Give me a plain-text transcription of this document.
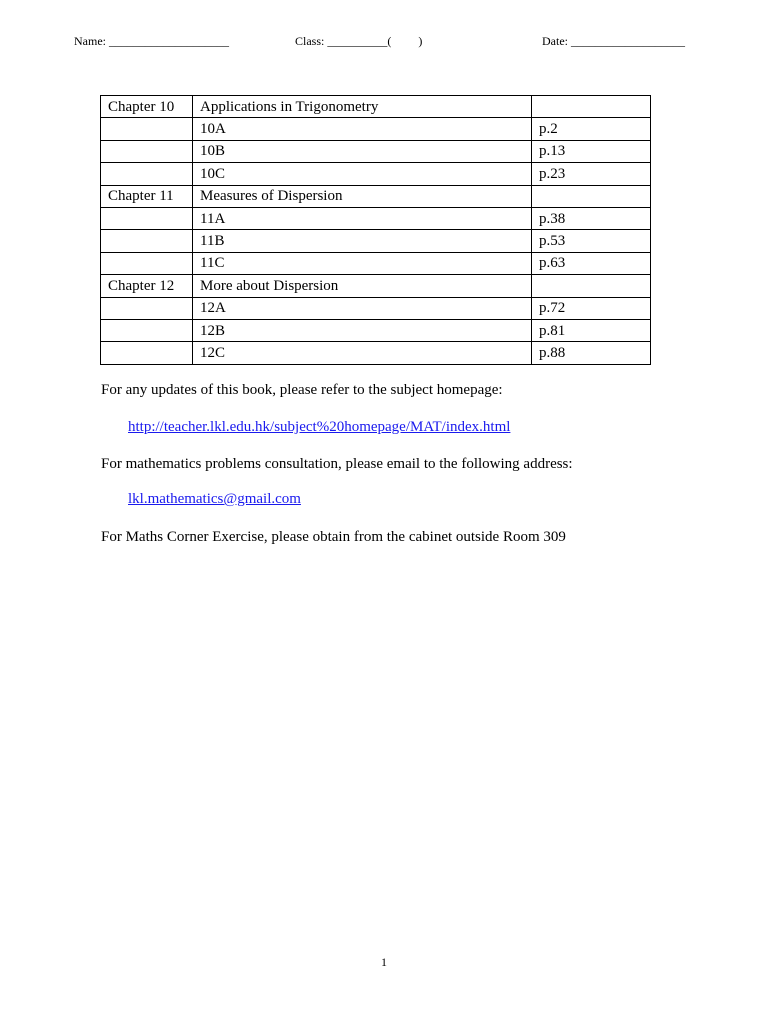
Name: ____________________	Class: __________(         )	Date: ___________________
Chapter 10	Applications in Trigonometry	
	10A	p.2
	10B	p.13
	10C	p.23
Chapter 11	Measures of Dispersion	
	11A	p.38
	11B	p.53
	11C	p.63
Chapter 12	More about Dispersion	
	12A	p.72
	12B	p.81
	12C	p.88
For any updates of this book, please refer to the subject homepage:
http://teacher.lkl.edu.hk/subject%20homepage/MAT/index.html
For mathematics problems consultation, please email to the following address:
lkl.mathematics@gmail.com
For Maths Corner Exercise, please obtain from the cabinet outside Room 309
1
